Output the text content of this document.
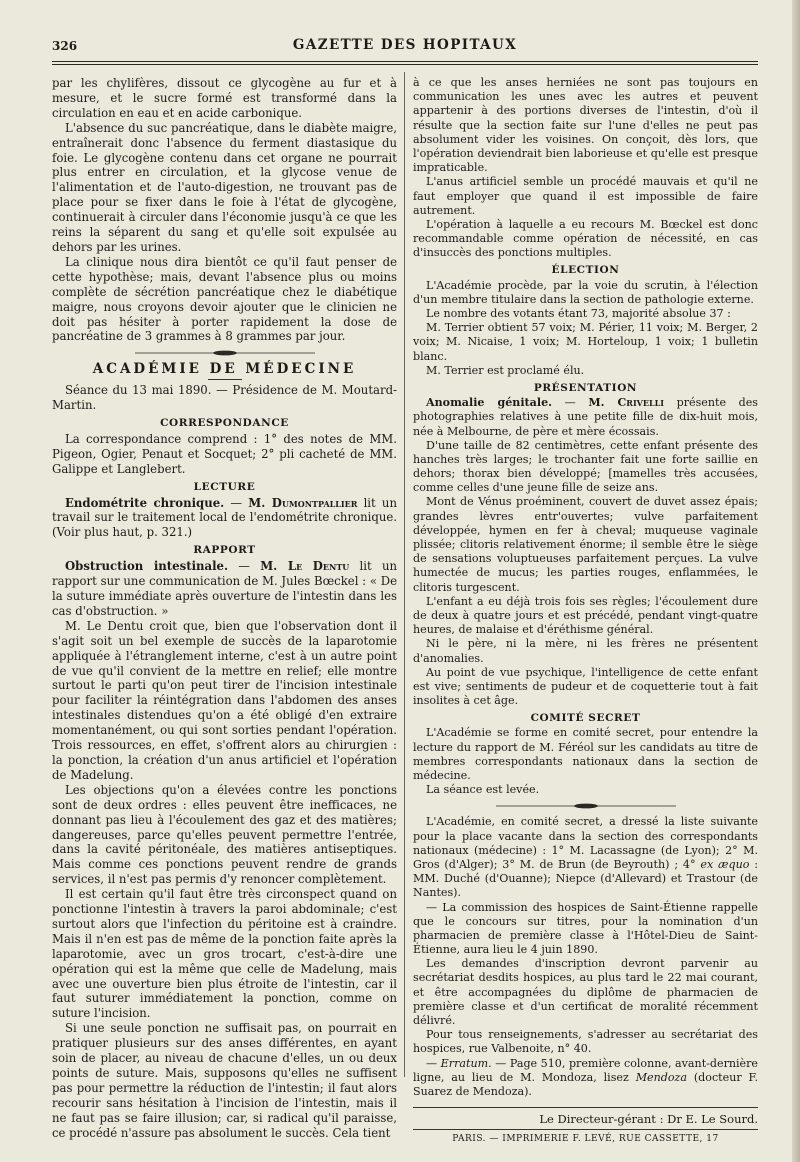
326	GAZETTE DES HOPITAUX

par les chylifères, dissout ce glycogène au fur et à mesure, et le sucre formé est transformé dans la circulation en eau et en acide carbonique.

L'absence du suc pancréatique, dans le diabète maigre, entraînerait donc l'absence du ferment diastasique du foie. Le glycogène contenu dans cet organe ne pourrait plus entrer en circulation, et la glycose venue de l'alimentation et de l'auto-digestion, ne trouvant pas de place pour se fixer dans le foie à l'état de glycogène, continuerait à circuler dans l'économie jusqu'à ce que les reins la séparent du sang et qu'elle soit expulsée au dehors par les urines.

La clinique nous dira bientôt ce qu'il faut penser de cette hypothèse; mais, devant l'absence plus ou moins complète de sécrétion pancréatique chez le diabétique maigre, nous croyons devoir ajouter que le clinicien ne doit pas hésiter à porter rapidement la dose de pancréatine de 3 grammes à 8 grammes par jour.

ACADÉMIE DE MÉDECINE

Séance du 13 mai 1890. — Présidence de M. Moutard-Martin.

CORRESPONDANCE

La correspondance comprend : 1° des notes de MM. Pigeon, Ogier, Penaut et Socquet; 2° pli cacheté de MM. Galippe et Langlebert.

LECTURE

Endométrite chronique. — M. Dumontpallier lit un travail sur le traitement local de l'endométrite chronique. (Voir plus haut, p. 321.)

RAPPORT

Obstruction intestinale. — M. Le Dentu lit un rapport sur une communication de M. Jules Bœckel : « De la suture immédiate après ouverture de l'intestin dans les cas d'obstruction. »

M. Le Dentu croit que, bien que l'observation dont il s'agit soit un bel exemple de succès de la laparotomie appliquée à l'étranglement interne, c'est à un autre point de vue qu'il convient de la mettre en relief; elle montre surtout le parti qu'on peut tirer de l'incision intestinale pour faciliter la réintégration dans l'abdomen des anses intestinales distendues qu'on a été obligé d'en extraire momentanément, ou qui sont sorties pendant l'opération. Trois ressources, en effet, s'offrent alors au chirurgien : la ponction, la création d'un anus artificiel et l'opération de Madelung.

Les objections qu'on a élevées contre les ponctions sont de deux ordres : elles peuvent être inefficaces, ne donnant pas lieu à l'écoulement des gaz et des matières; dangereuses, parce qu'elles peuvent permettre l'entrée, dans la cavité péritonéale, des matières antiseptiques. Mais comme ces ponctions peuvent rendre de grands services, il n'est pas permis d'y renoncer complètement.

Il est certain qu'il faut être très circonspect quand on ponctionne l'intestin à travers la paroi abdominale; c'est surtout alors que l'infection du péritoine est à craindre. Mais il n'en est pas de même de la ponction faite après la laparotomie, avec un gros trocart, c'est-à-dire une opération qui est la même que celle de Madelung, mais avec une ouverture bien plus étroite de l'intestin, car il faut suturer immédiatement la ponction, comme on suture l'incision.

Si une seule ponction ne suffisait pas, on pourrait en pratiquer plusieurs sur des anses différentes, en ayant soin de placer, au niveau de chacune d'elles, un ou deux points de suture. Mais, supposons qu'elles ne suffisent pas pour permettre la réduction de l'intestin; il faut alors recourir sans hésitation à l'incision de l'intestin, mais il ne faut pas se faire illusion; car, si radical qu'il paraisse, ce procédé n'assure pas absolument le succès. Cela tient

à ce que les anses herniées ne sont pas toujours en communication les unes avec les autres et peuvent appartenir à des portions diverses de l'intestin, d'où il résulte que la section faite sur l'une d'elles ne peut pas absolument vider les voisines. On conçoit, dès lors, que l'opération deviendrait bien laborieuse et qu'elle est presque impraticable.

L'anus artificiel semble un procédé mauvais et qu'il ne faut employer que quand il est impossible de faire autrement.

L'opération à laquelle a eu recours M. Bœckel est donc recommandable comme opération de nécessité, en cas d'insuccès des ponctions multiples.

ÉLECTION

L'Académie procède, par la voie du scrutin, à l'élection d'un membre titulaire dans la section de pathologie externe.

Le nombre des votants étant 73, majorité absolue 37 :

M. Terrier obtient 57 voix; M. Périer, 11 voix; M. Berger, 2 voix; M. Nicaise, 1 voix; M. Horteloup, 1 voix; 1 bulletin blanc.

M. Terrier est proclamé élu.

PRÉSENTATION

Anomalie génitale. — M. Crivelli présente des photographies relatives à une petite fille de dix-huit mois, née à Melbourne, de père et mère écossais.

D'une taille de 82 centimètres, cette enfant présente des hanches très larges; le trochanter fait une forte saillie en dehors; thorax bien développé; [mamelles très accusées, comme celles d'une jeune fille de seize ans.

Mont de Vénus proéminent, couvert de duvet assez épais; grandes lèvres entr'ouvertes; vulve parfaitement développée, hymen en fer à cheval; muqueuse vaginale plissée; clitoris relativement énorme; il semble être le siège de sensations voluptueuses parfaitement perçues. La vulve humectée de mucus; les parties rouges, enflammées, le clitoris turgescent.

L'enfant a eu déjà trois fois ses règles; l'écoulement dure de deux à quatre jours et est précédé, pendant vingt-quatre heures, de malaise et d'éréthisme général.

Ni le père, ni la mère, ni les frères ne présentent d'anomalies.

Au point de vue psychique, l'intelligence de cette enfant est vive; sentiments de pudeur et de coquetterie tout à fait insolites à cet âge.

COMITÉ SECRET

L'Académie se forme en comité secret, pour entendre la lecture du rapport de M. Féréol sur les candidats au titre de membres correspondants nationaux dans la section de médecine.

La séance est levée.

L'Académie, en comité secret, a dressé la liste suivante pour la place vacante dans la section des correspondants nationaux (médecine) : 1° M. Lacassagne (de Lyon); 2° M. Gros (d'Alger); 3° M. de Brun (de Beyrouth) ; 4° ex æquo : MM. Duché (d'Ouanne); Niepce (d'Allevard) et Trastour (de Nantes).

— La commission des hospices de Saint-Étienne rappelle que le concours sur titres, pour la nomination d'un pharmacien de première classe à l'Hôtel-Dieu de Saint-Étienne, aura lieu le 4 juin 1890.

Les demandes d'inscription devront parvenir au secrétariat desdits hospices, au plus tard le 22 mai courant, et être accompagnées du diplôme de pharmacien de première classe et d'un certificat de moralité récemment délivré.

Pour tous renseignements, s'adresser au secrétariat des hospices, rue Valbenoite, n° 40.

— Erratum. — Page 510, première colonne, avant-dernière ligne, au lieu de M. Mondoza, lisez Mendoza (docteur F. Suarez de Mendoza).

Le Directeur-gérant : Dr E. Le Sourd.
PARIS. — IMPRIMERIE F. LEVÉ, RUE CASSETTE, 17
